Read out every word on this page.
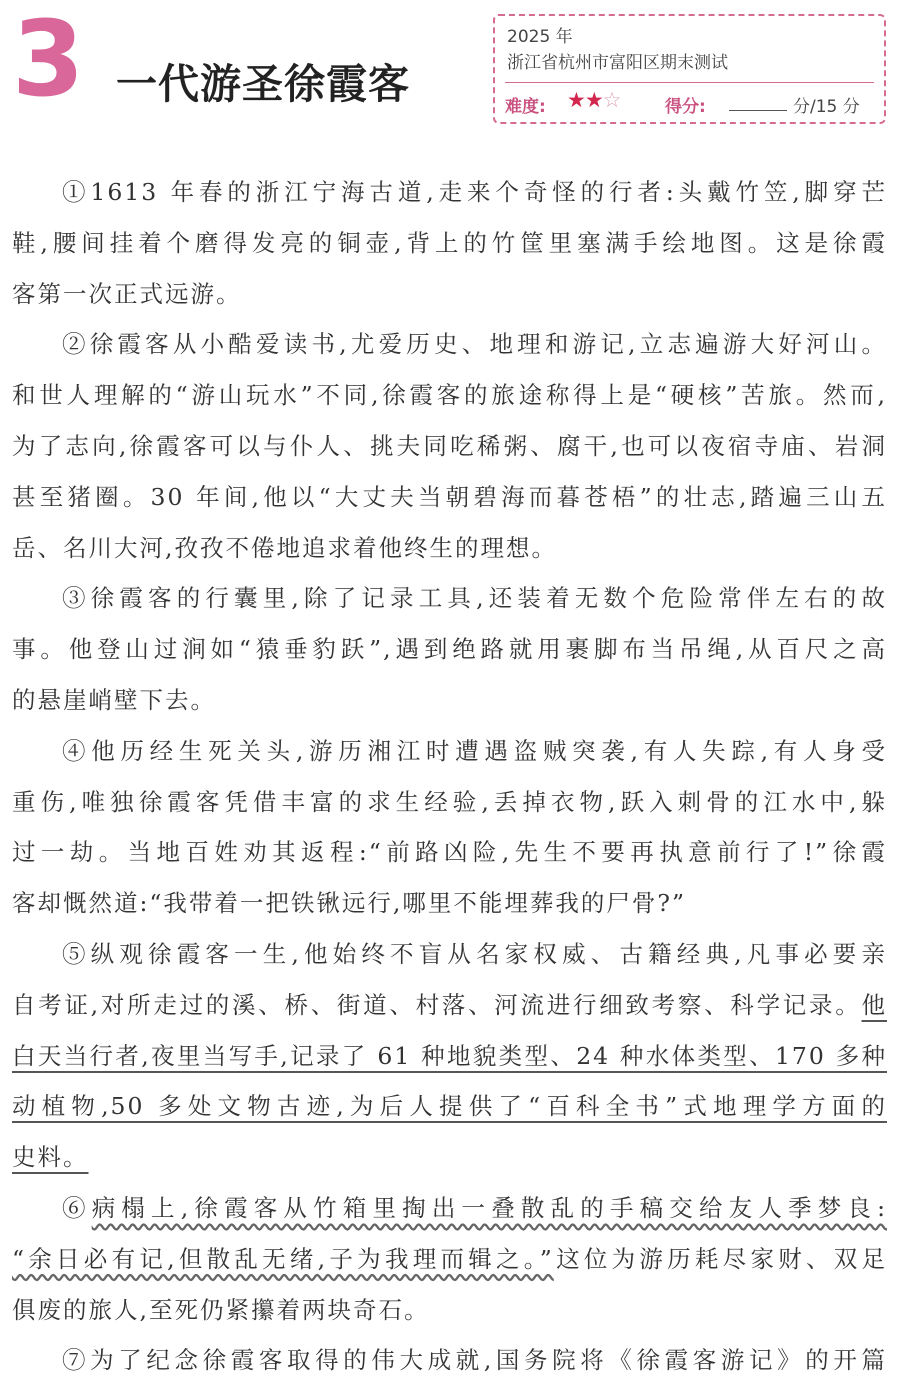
3 一代游圣徐霞客
2025 年
浙江省杭州市富阳区期末测试
难度: ★★☆	得分:	分/15 分
①1613 年春的浙江宁海古道,走来个奇怪的行者:头戴竹笠,脚穿芒
鞋,腰间挂着个磨得发亮的铜壶,背上的竹筐里塞满手绘地图。这是徐霞
客第一次正式远游。
②徐霞客从小酷爱读书,尤爱历史、地理和游记,立志遍游大好河山。
和世人理解的“游山玩水”不同,徐霞客的旅途称得上是“硬核”苦旅。然而,
为了志向,徐霞客可以与仆人、挑夫同吃稀粥、腐干,也可以夜宿寺庙、岩洞
甚至猪圈。30 年间,他以“大丈夫当朝碧海而暮苍梧”的壮志,踏遍三山五
岳、名川大河,孜孜不倦地追求着他终生的理想。
③徐霞客的行囊里,除了记录工具,还装着无数个危险常伴左右的故
事。他登山过涧如“猿垂豹跃”,遇到绝路就用裹脚布当吊绳,从百尺之高
的悬崖峭壁下去。
④他历经生死关头,游历湘江时遭遇盗贼突袭,有人失踪,有人身受
重伤,唯独徐霞客凭借丰富的求生经验,丢掉衣物,跃入刺骨的江水中,躲
过一劫。当地百姓劝其返程:“前路凶险,先生不要再执意前行了!”徐霞
客却慨然道:“我带着一把铁锹远行,哪里不能埋葬我的尸骨?”
⑤纵观徐霞客一生,他始终不盲从名家权威、古籍经典,凡事必要亲
自考证,对所走过的溪、桥、街道、村落、河流进行细致考察、科学记录。他
白天当行者,夜里当写手,记录了 61 种地貌类型、24 种水体类型、170 多种
动植物,50 多处文物古迹,为后人提供了“百科全书”式地理学方面的
史料。
⑥病榻上,徐霞客从竹箱里掏出一叠散乱的手稿交给友人季梦良:
“余日必有记,但散乱无绪,子为我理而辑之。”这位为游历耗尽家财、双足
俱废的旅人,至死仍紧攥着两块奇石。
⑦为了纪念徐霞客取得的伟大成就,国务院将《徐霞客游记》的开篇
